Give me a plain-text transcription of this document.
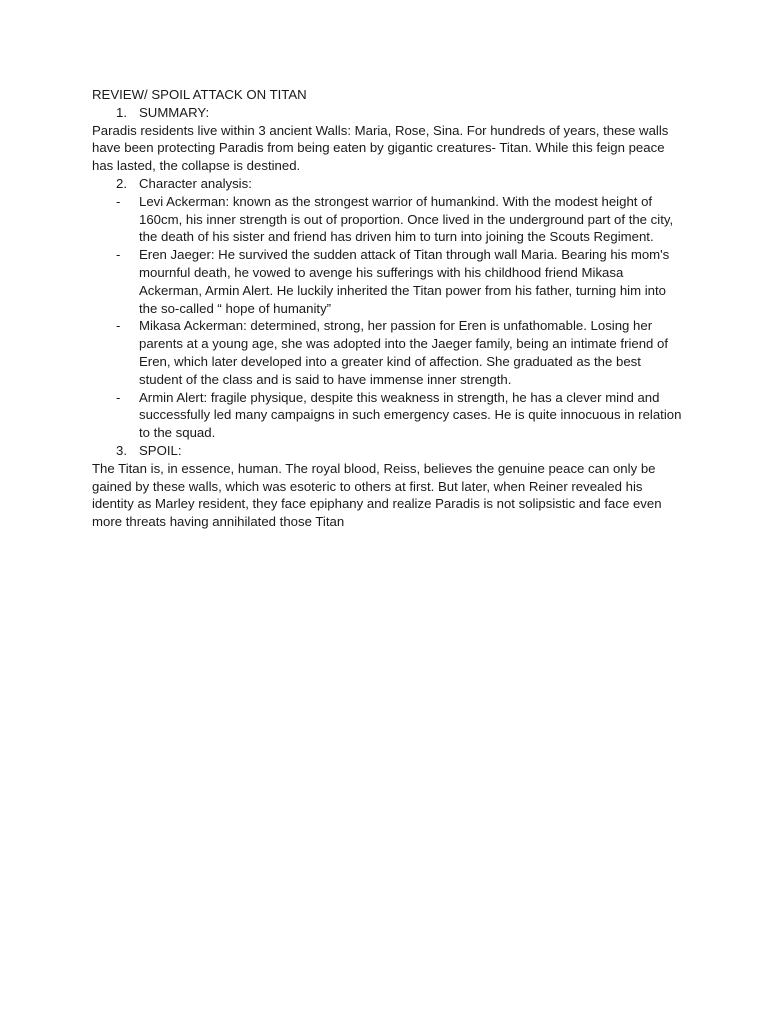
REVIEW/ SPOIL ATTACK ON TITAN

1. SUMMARY:

Paradis residents live within 3 ancient Walls: Maria, Rose, Sina. For hundreds of years, these walls have been protecting Paradis from being eaten by gigantic creatures- Titan. While this feign peace has lasted, the collapse is destined.

2. Character analysis:
- Levi Ackerman: known as the strongest warrior of humankind. With the modest height of 160cm, his inner strength is out of proportion. Once lived in the underground part of the city, the death of his sister and friend has driven him to turn into joining the Scouts Regiment.
- Eren Jaeger: He survived the sudden attack of Titan through wall Maria. Bearing his mom's mournful death, he vowed to avenge his sufferings with his childhood friend Mikasa Ackerman, Armin Alert. He luckily inherited the Titan power from his father, turning him into the so-called “ hope of humanity”
- Mikasa Ackerman: determined, strong, her passion for Eren is unfathomable. Losing her parents at a young age, she was adopted into the Jaeger family, being an intimate friend of Eren, which later developed into a greater kind of affection. She graduated as the best student of the class and is said to have immense inner strength.
- Armin Alert: fragile physique, despite this weakness in strength, he has a clever mind and successfully led many campaigns in such emergency cases. He is quite innocuous in relation to the squad.
3. SPOIL:

The Titan is, in essence, human. The royal blood, Reiss, believes the genuine peace can only be gained by these walls, which was esoteric to others at first. But later, when Reiner revealed his identity as Marley resident, they face epiphany and realize Paradis is not solipsistic and face even more threats having annihilated those Titan
